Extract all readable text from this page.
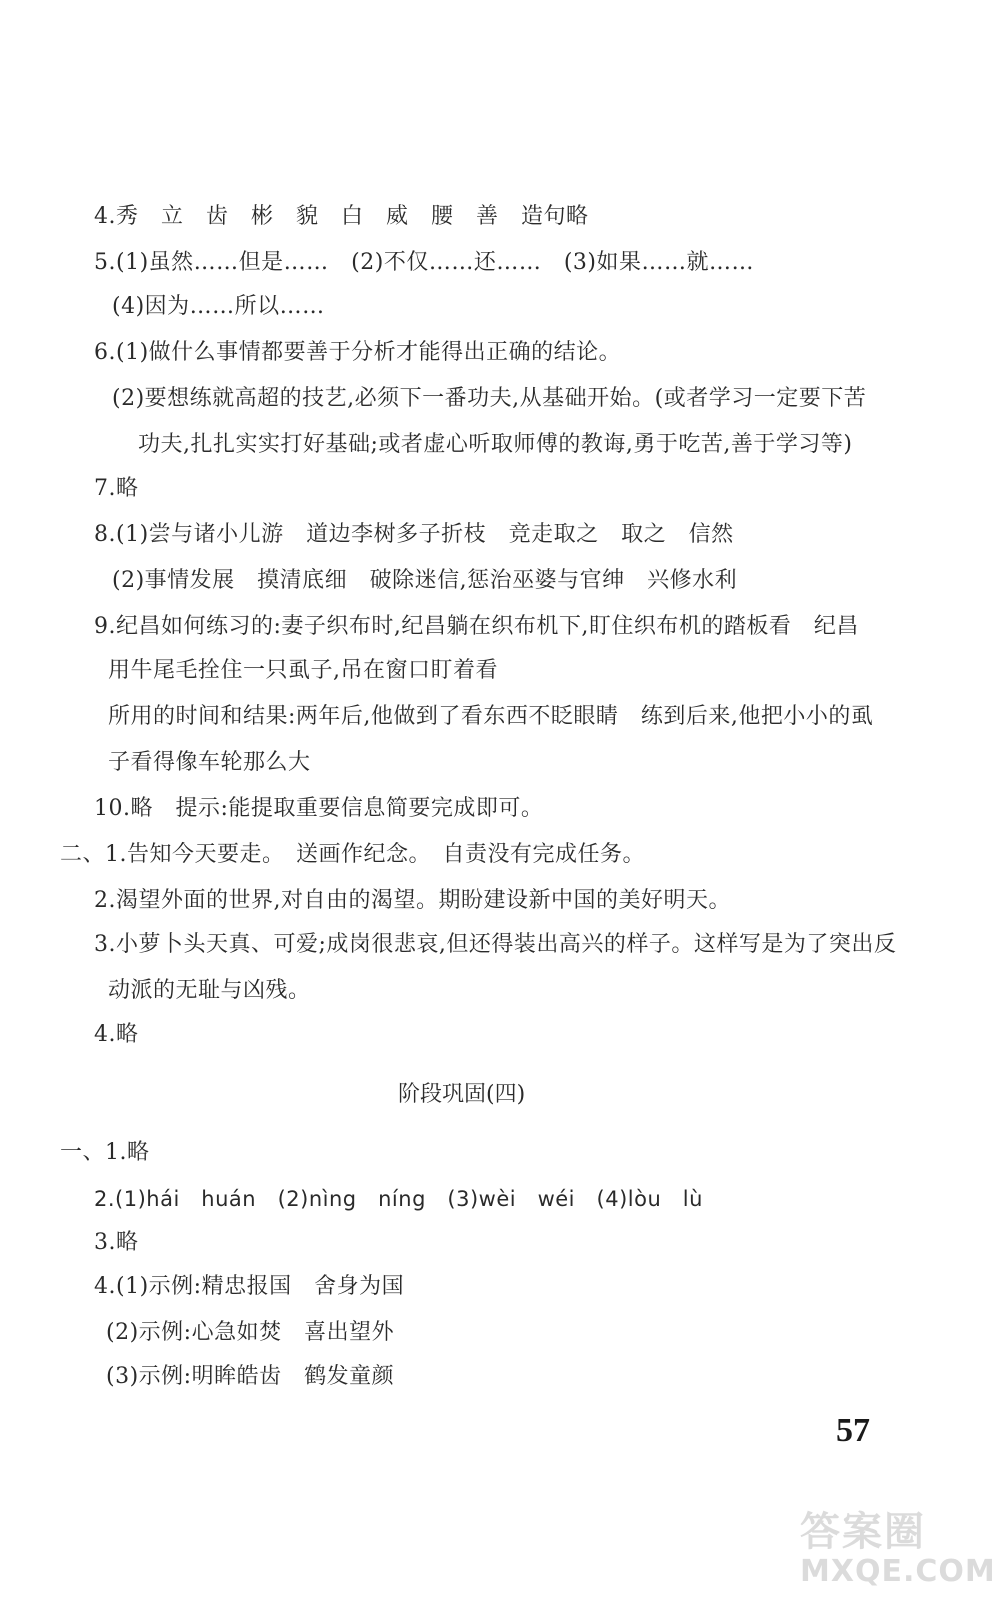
4.秀　立　齿　彬　貌　白　威　腰　善　造句略
5.(1)虽然……但是……　(2)不仅……还……　(3)如果……就……
(4)因为……所以……
6.(1)做什么事情都要善于分析才能得出正确的结论。
(2)要想练就高超的技艺,必须下一番功夫,从基础开始。(或者学习一定要下苦
功夫,扎扎实实打好基础;或者虚心听取师傅的教诲,勇于吃苦,善于学习等)
7.略
8.(1)尝与诸小儿游　道边李树多子折枝　竞走取之　取之　信然
(2)事情发展　摸清底细　破除迷信,惩治巫婆与官绅　兴修水利
9.纪昌如何练习的:妻子织布时,纪昌躺在织布机下,盯住织布机的踏板看　纪昌
用牛尾毛拴住一只虱子,吊在窗口盯着看
所用的时间和结果:两年后,他做到了看东西不眨眼睛　练到后来,他把小小的虱
子看得像车轮那么大
10.略　提示:能提取重要信息简要完成即可。
二、1.告知今天要走。　送画作纪念。　自责没有完成任务。
2.渴望外面的世界,对自由的渴望。期盼建设新中国的美好明天。
3.小萝卜头天真、可爱;成岗很悲哀,但还得装出高兴的样子。这样写是为了突出反
动派的无耻与凶残。
4.略
阶段巩固(四)
一、1.略
2.(1)hái　huán　(2)nìng　níng　(3)wèi　wéi　(4)lòu　lù
3.略
4.(1)示例:精忠报国　舍身为国
(2)示例:心急如焚　喜出望外
(3)示例:明眸皓齿　鹤发童颜
57
答案圈
MXQE.COM
